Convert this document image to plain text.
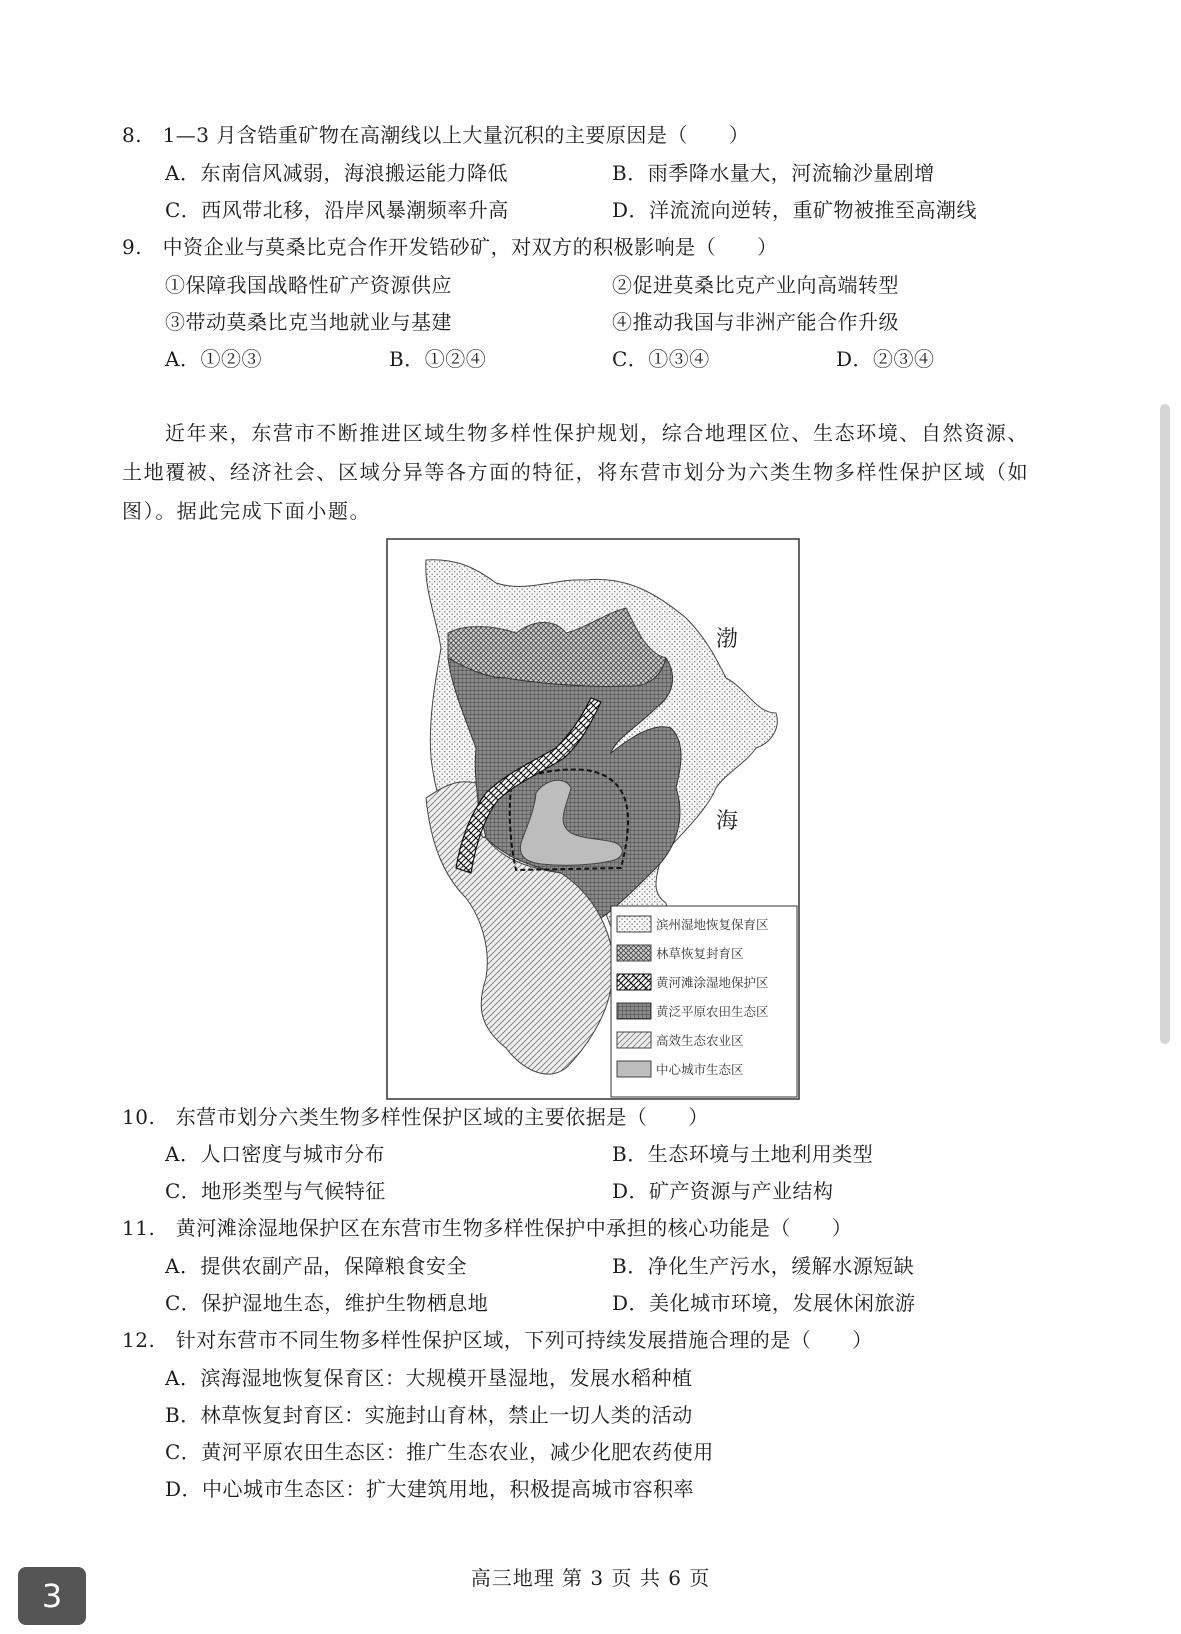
8. 1—3 月含锆重矿物在高潮线以上大量沉积的主要原因是（　　）
A．东南信风减弱，海浪搬运能力降低	B．雨季降水量大，河流输沙量剧增
C．西风带北移，沿岸风暴潮频率升高	D．洋流流向逆转，重矿物被推至高潮线
9. 中资企业与莫桑比克合作开发锆砂矿，对双方的积极影响是（　　）
①保障我国战略性矿产资源供应	②促进莫桑比克产业向高端转型
③带动莫桑比克当地就业与基建	④推动我国与非洲产能合作升级
A．①②③	B．①②④	C．①③④	D．②③④
近年来，东营市不断推进区域生物多样性保护规划，综合地理区位、生态环境、自然资源、
土地覆被、经济社会、区域分异等各方面的特征，将东营市划分为六类生物多样性保护区域（如
图）。据此完成下面小题。
渤
海
滨州湿地恢复保育区
林草恢复封育区
黄河滩涂湿地保护区
黄泛平原农田生态区
高效生态农业区
中心城市生态区
10. 东营市划分六类生物多样性保护区域的主要依据是（　　）
A．人口密度与城市分布	B．生态环境与土地利用类型
C．地形类型与气候特征	D．矿产资源与产业结构
11. 黄河滩涂湿地保护区在东营市生物多样性保护中承担的核心功能是（　　）
A．提供农副产品，保障粮食安全	B．净化生产污水，缓解水源短缺
C．保护湿地生态，维护生物栖息地	D．美化城市环境，发展休闲旅游
12. 针对东营市不同生物多样性保护区域，下列可持续发展措施合理的是（　　）
A．滨海湿地恢复保育区：大规模开垦湿地，发展水稻种植
B．林草恢复封育区：实施封山育林，禁止一切人类的活动
C．黄河平原农田生态区：推广生态农业，减少化肥农药使用
D．中心城市生态区：扩大建筑用地，积极提高城市容积率
高三地理 第 3 页 共 6 页
3
